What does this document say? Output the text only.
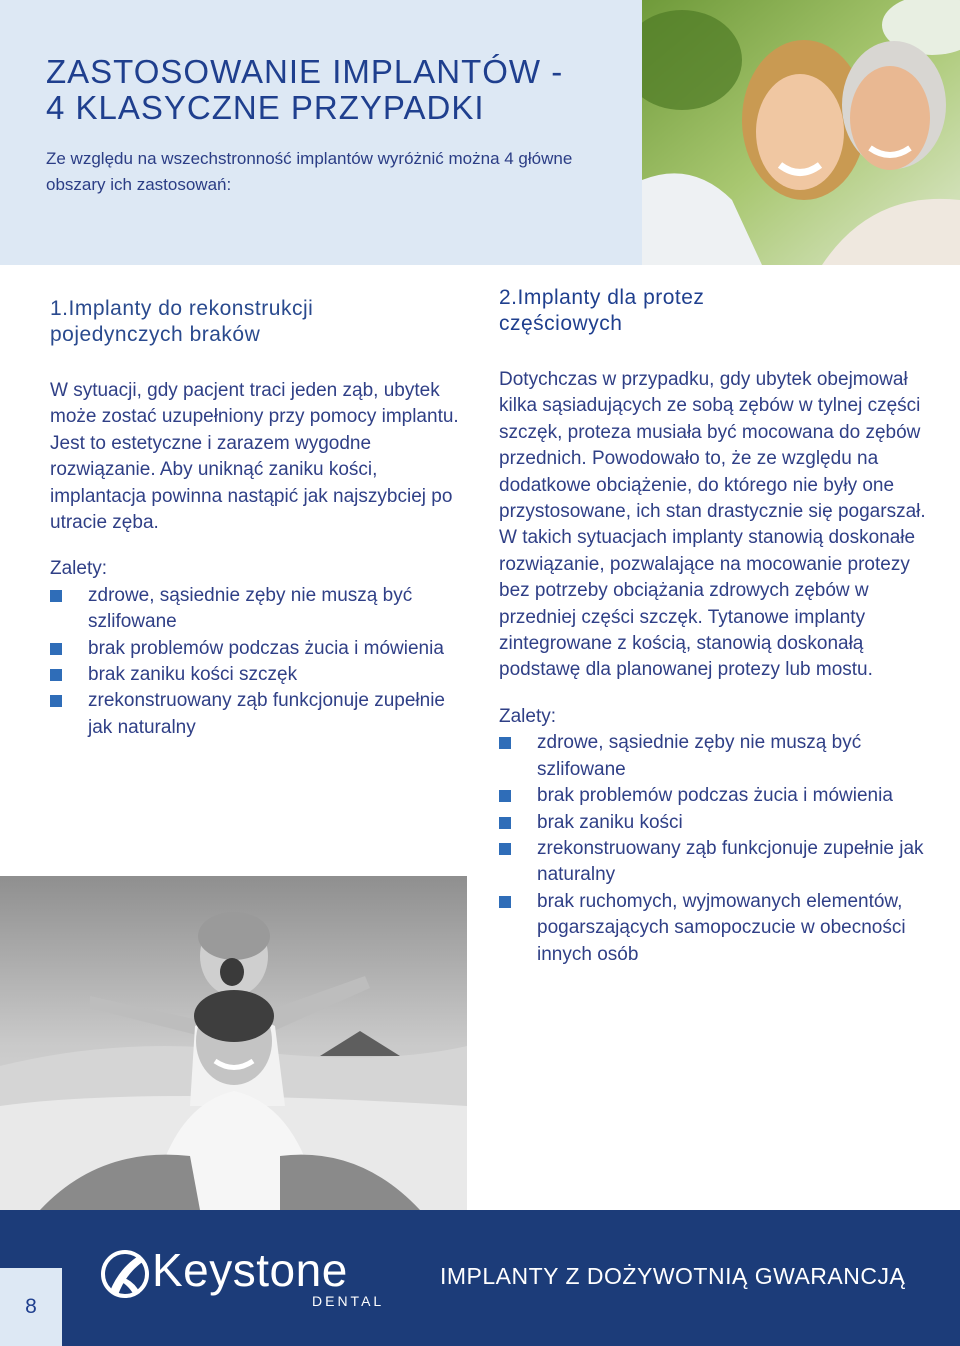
ZASTOSOWANIE IMPLANTÓW -
4 KLASYCZNE PRZYPADKI

Ze względu na wszechstronność implantów wyróżnić można 4 główne obszary ich zastosowań:

1.Implanty do rekonstrukcji
pojedynczych braków

W sytuacji, gdy pacjent traci jeden ząb, ubytek może zostać uzupełniony przy pomocy implantu. Jest to estetyczne i zarazem wygodne rozwiązanie. Aby uniknąć zaniku kości, implantacja powinna nastąpić jak najszybciej po utracie zęba.

Zalety:

zdrowe, sąsiednie zęby nie muszą być szlifowane
brak problemów podczas żucia i mówienia
brak zaniku kości szczęk
zrekonstruowany ząb funkcjonuje zupełnie jak naturalny
2.Implanty dla protez
częściowych

Dotychczas w przypadku, gdy ubytek obejmował kilka sąsiadujących ze sobą zębów w tylnej części szczęk, proteza musiała być mocowana do zębów przednich. Powodowało to, że ze względu na dodatkowe obciążenie, do którego nie były one przystosowane, ich stan drastycznie się pogarszał. W takich sytuacjach implanty stanowią doskonałe rozwiązanie, pozwalające na mocowanie protezy bez potrzeby obciążania zdrowych zębów w przedniej części szczęk. Tytanowe implanty zintegrowane z kością, stanowią doskonałą podstawę dla planowanej protezy lub mostu.

Zalety:

zdrowe, sąsiednie zęby nie muszą być szlifowane
brak problemów podczas żucia i mówienia
brak zaniku kości
zrekonstruowany ząb funkcjonuje zupełnie jak naturalny
brak ruchomych, wyjmowanych elementów, pogarszających samopoczucie w obecności innych osób
8

Keystone

DENTAL

IMPLANTY Z DOŻYWOTNIĄ GWARANCJĄ
